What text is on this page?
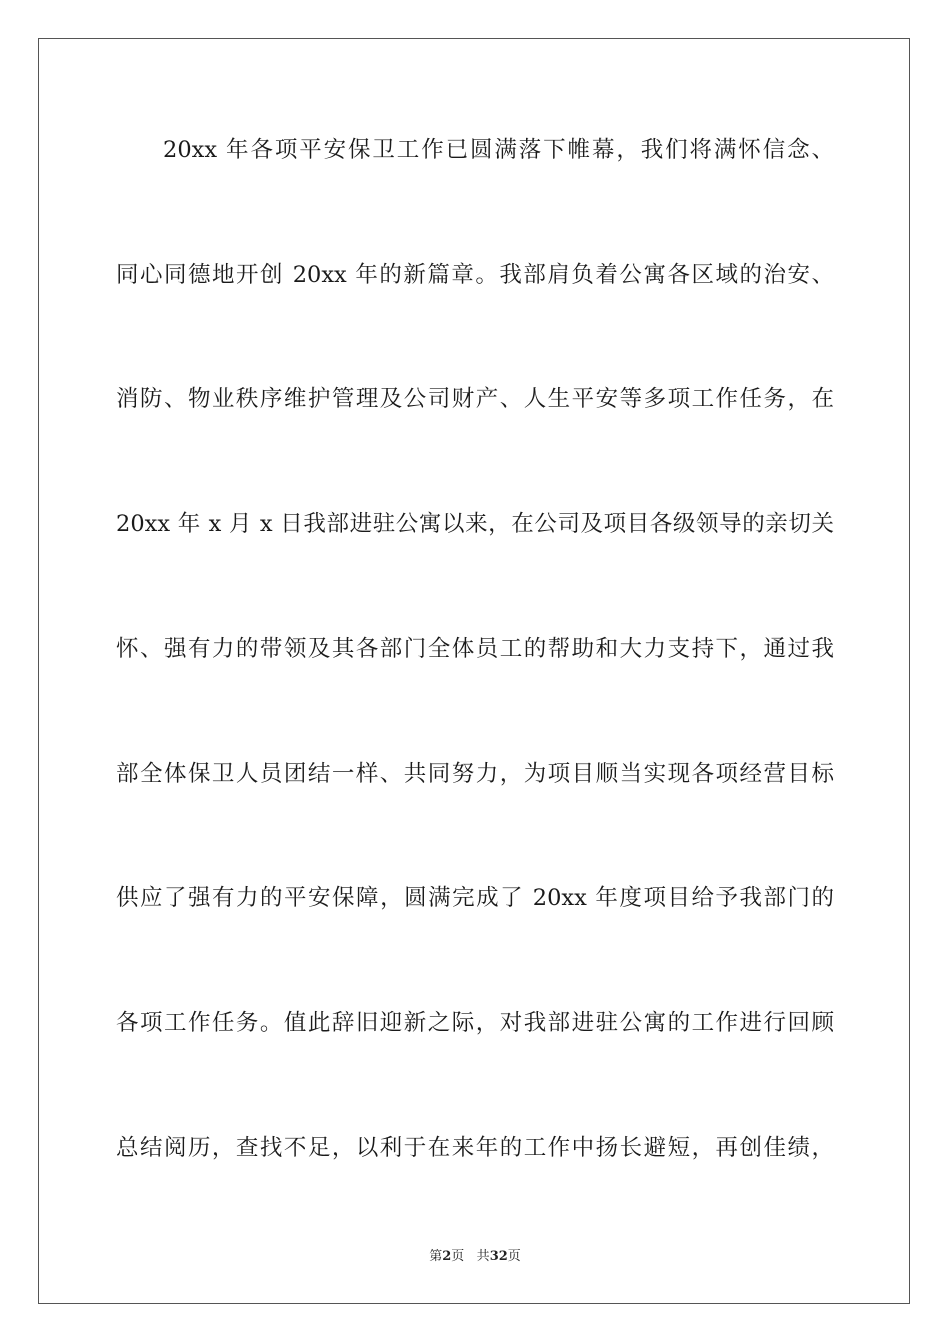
20xx 年各项平安保卫工作已圆满落下帷幕，我们将满怀信念、
同心同德地开创 20xx 年的新篇章。我部肩负着公寓各区域的治安、
消防、物业秩序维护管理及公司财产、人生平安等多项工作任务，在
20xx 年 x 月 x 日我部进驻公寓以来，在公司及项目各级领导的亲切关
怀、强有力的带领及其各部门全体员工的帮助和大力支持下，通过我
部全体保卫人员团结一样、共同努力，为项目顺当实现各项经营目标
供应了强有力的平安保障，圆满完成了 20xx 年度项目给予我部门的
各项工作任务。值此辞旧迎新之际，对我部进驻公寓的工作进行回顾
总结阅历，查找不足，以利于在来年的工作中扬长避短，再创佳绩，
第2页 共32页
